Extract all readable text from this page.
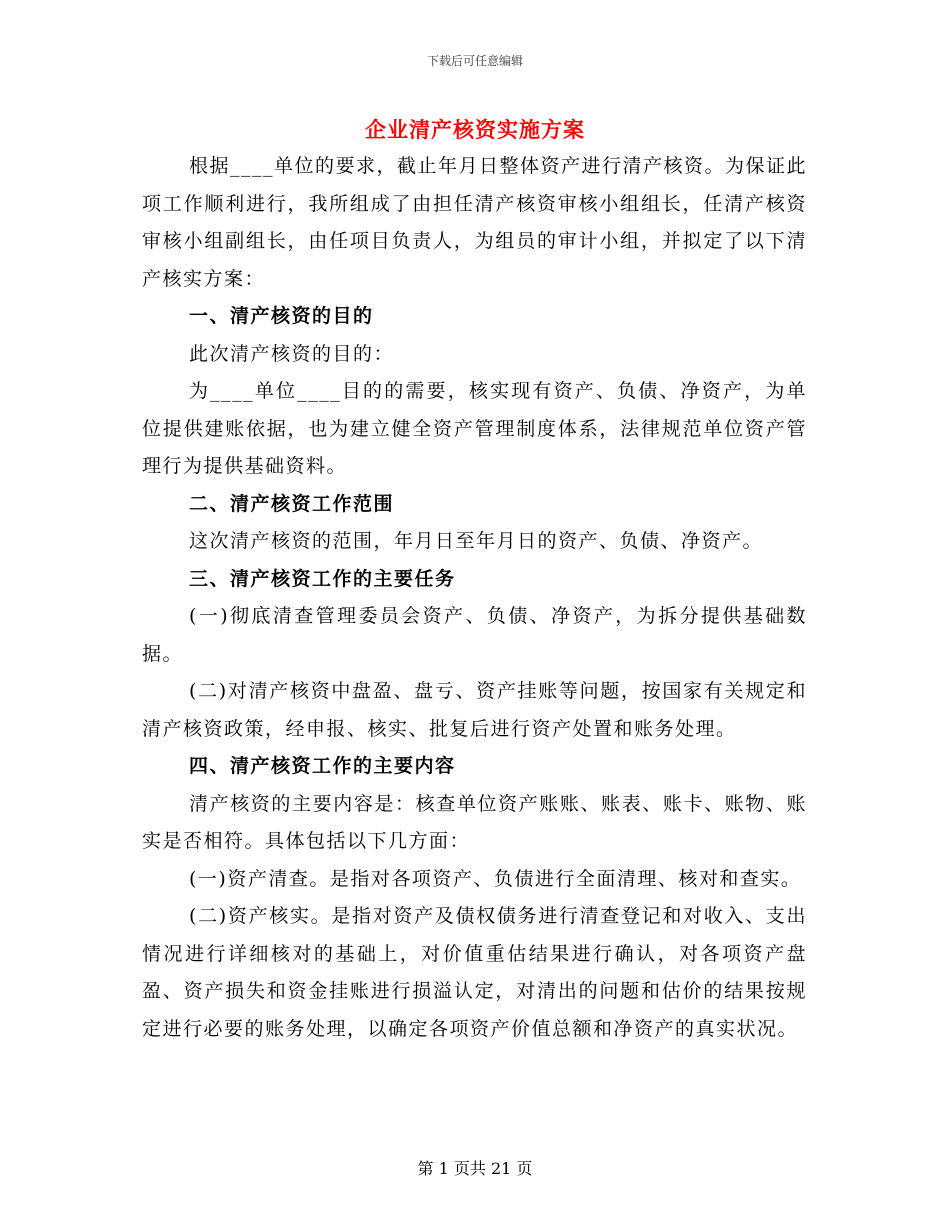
下载后可任意编辑
企业清产核资实施方案

根据____单位的要求，截止年月日整体资产进行清产核资。为保证此项工作顺利进行，我所组成了由担任清产核资审核小组组长，任清产核资审核小组副组长，由任项目负责人，为组员的审计小组，并拟定了以下清产核实方案：

一、清产核资的目的

此次清产核资的目的：

为____单位____目的的需要，核实现有资产、负债、净资产，为单位提供建账依据，也为建立健全资产管理制度体系，法律规范单位资产管理行为提供基础资料。

二、清产核资工作范围

这次清产核资的范围，年月日至年月日的资产、负债、净资产。

三、清产核资工作的主要任务

(一)彻底清查管理委员会资产、负债、净资产，为拆分提供基础数据。

(二)对清产核资中盘盈、盘亏、资产挂账等问题，按国家有关规定和清产核资政策，经申报、核实、批复后进行资产处置和账务处理。

四、清产核资工作的主要内容

清产核资的主要内容是：核查单位资产账账、账表、账卡、账物、账实是否相符。具体包括以下几方面：

(一)资产清查。是指对各项资产、负债进行全面清理、核对和查实。

(二)资产核实。是指对资产及债权债务进行清查登记和对收入、支出情况进行详细核对的基础上，对价值重估结果进行确认，对各项资产盘盈、资产损失和资金挂账进行损溢认定，对清出的问题和估价的结果按规定进行必要的账务处理，以确定各项资产价值总额和净资产的真实状况。

第 1 页共 21 页
